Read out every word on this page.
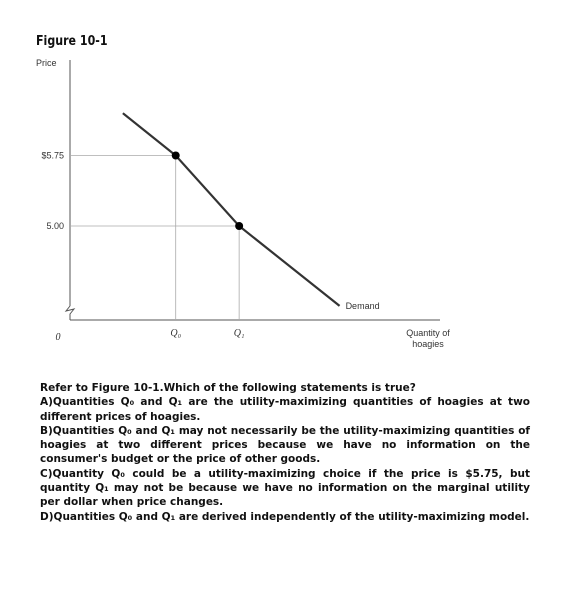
Figure 10-1
Price
Quantity of
hoagies
0
$5.75
5.00
Q₀	Q₁
Demand

Refer to Figure 10-1.Which of the following statements is true?

A)Quantities Q₀ and Q₁ are the utility-maximizing quantities of hoagies at two different prices of hoagies.

B)Quantities Q₀ and Q₁ may not necessarily be the utility-maximizing quantities of hoagies at two different prices because we have no information on the consumer's budget or the price of other goods.

C)Quantity Q₀ could be a utility-maximizing choice if the price is $5.75, but quantity Q₁ may not be because we have no information on the marginal utility per dollar when price changes.

D)Quantities Q₀ and Q₁ are derived independently of the utility-maximizing model.
